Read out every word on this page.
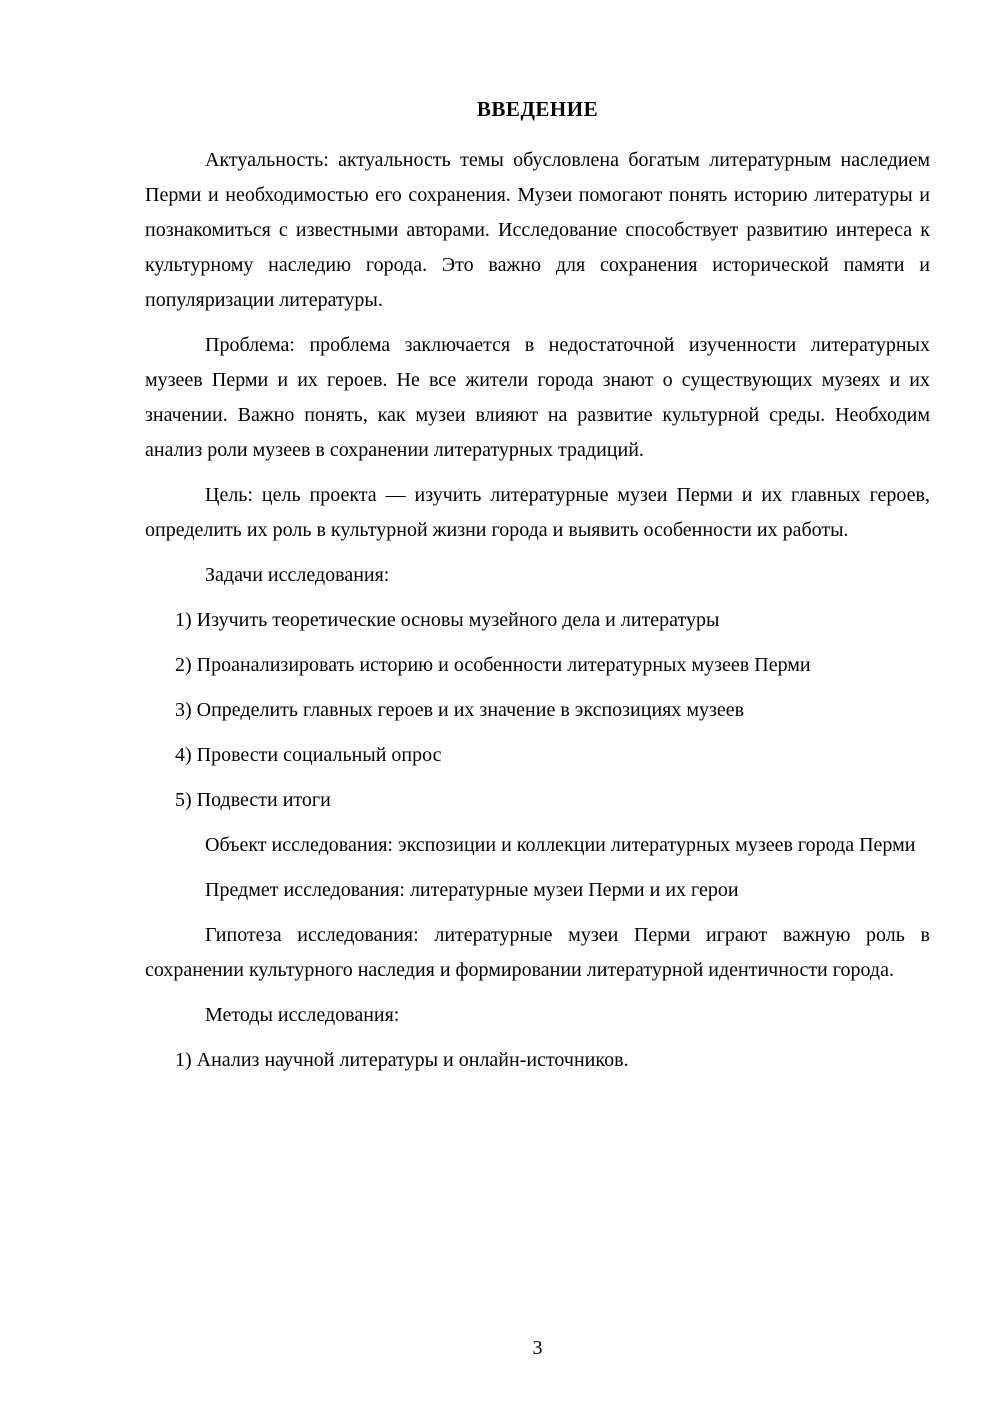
ВВЕДЕНИЕ

Актуальность: актуальность темы обусловлена богатым литературным наследием Перми и необходимостью его сохранения. Музеи помогают понять историю литературы и познакомиться с известными авторами. Исследование способствует развитию интереса к культурному наследию города. Это важно для сохранения исторической памяти и популяризации литературы.

Проблема: проблема заключается в недостаточной изученности литературных музеев Перми и их героев. Не все жители города знают о существующих музеях и их значении. Важно понять, как музеи влияют на развитие культурной среды. Необходим анализ роли музеев в сохранении литературных традиций.

Цель: цель проекта — изучить литературные музеи Перми и их главных героев, определить их роль в культурной жизни города и выявить особенности их работы.

Задачи исследования:

1) Изучить теоретические основы музейного дела и литературы

2) Проанализировать историю и особенности литературных музеев Перми

3) Определить главных героев и их значение в экспозициях музеев

4) Провести социальный опрос

5) Подвести итоги

Объект исследования: экспозиции и коллекции литературных музеев города Перми

Предмет исследования: литературные музеи Перми и их герои

Гипотеза исследования: литературные музеи Перми играют важную роль в сохранении культурного наследия и формировании литературной идентичности города.

Методы исследования:

1) Анализ научной литературы и онлайн-источников.

3
